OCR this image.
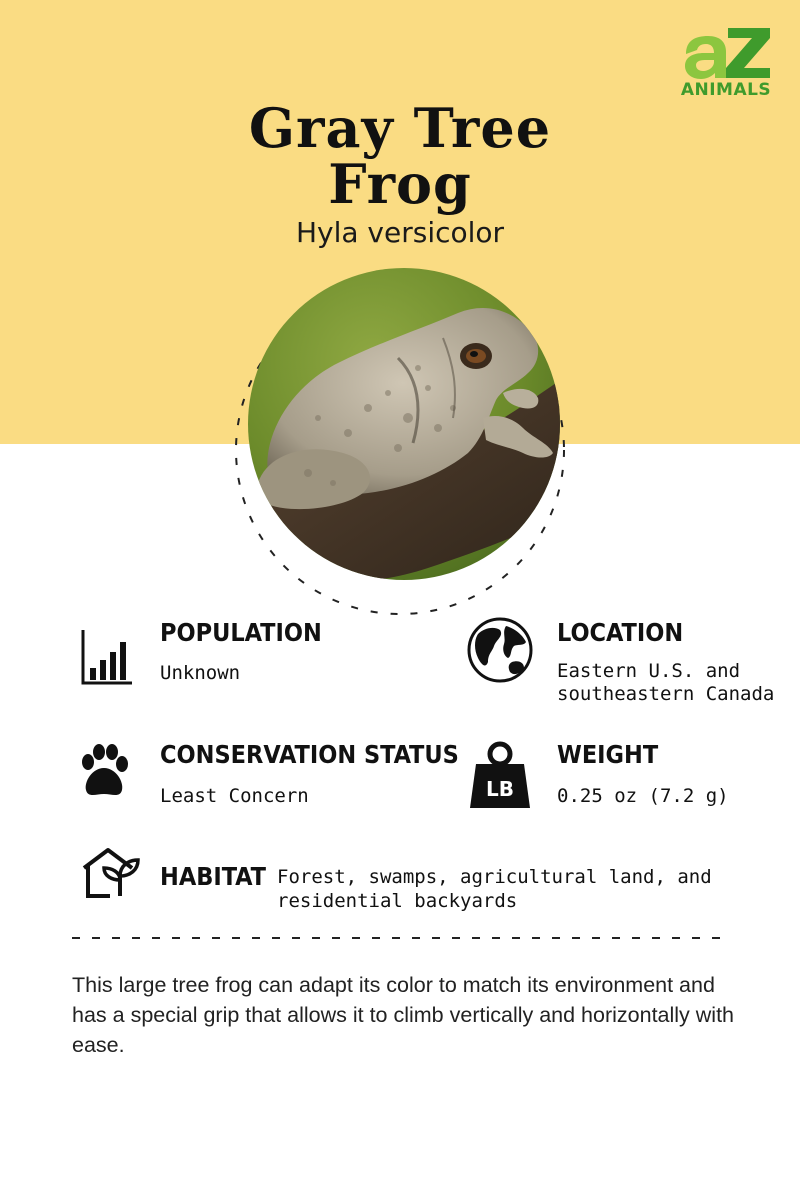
ANIMALS
Gray Tree
Frog
Hyla versicolor
POPULATION
Unknown
LOCATION
Eastern U.S. and
southeastern Canada
CONSERVATION STATUS
Least Concern	LB
WEIGHT
0.25 oz (7.2 g)
HABITAT Forest, swamps, agricultural land, and
residential backyards
This large tree frog can adapt its color to match its environment and has a special grip that allows it to climb vertically and horizontally with ease.
